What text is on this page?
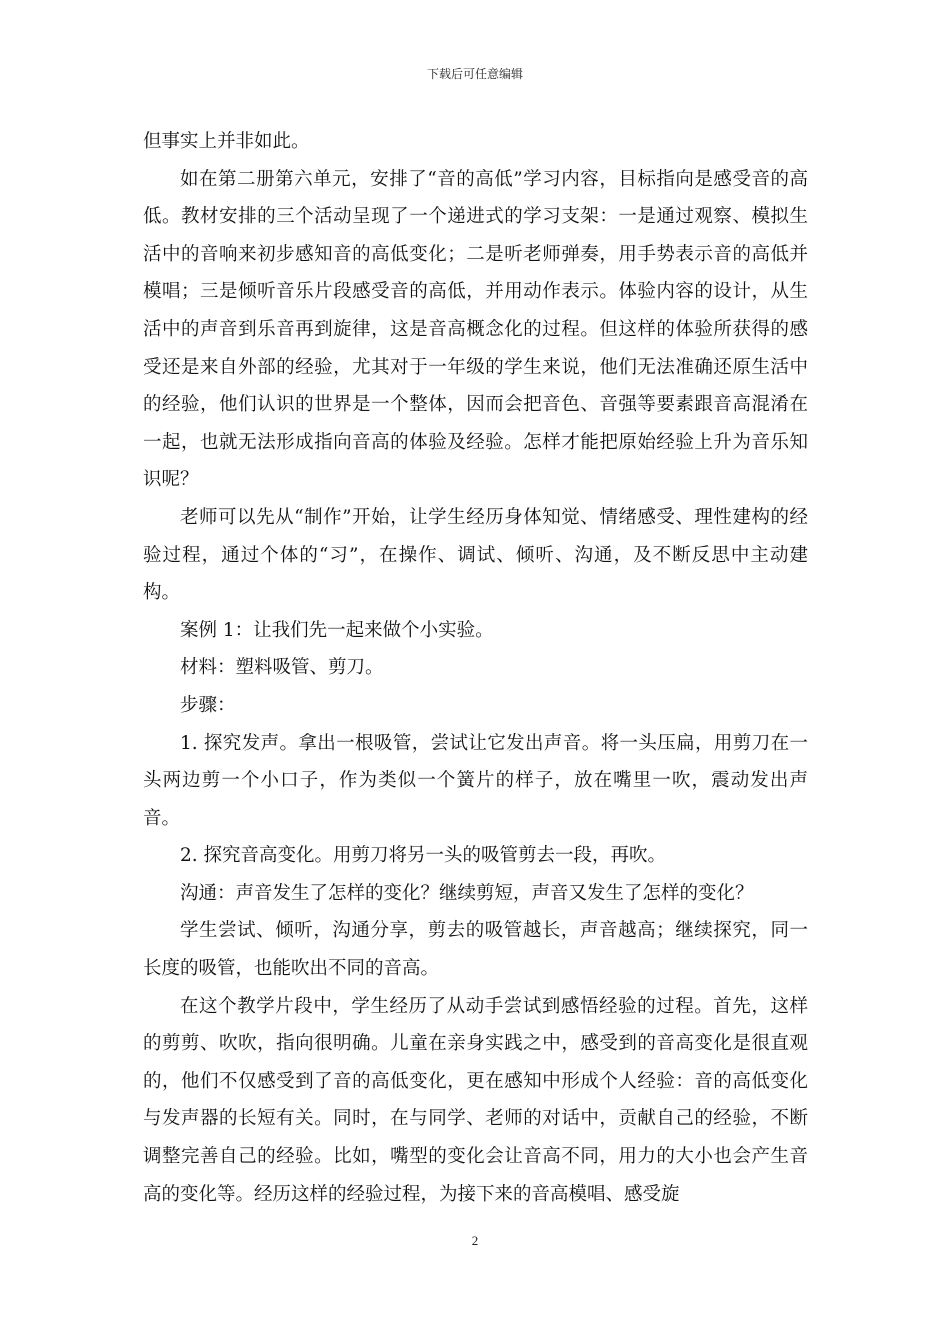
下载后可任意编辑

但事实上并非如此。

如在第二册第六单元，安排了“音的高低”学习内容，目标指向是感受音的高低。教材安排的三个活动呈现了一个递进式的学习支架：一是通过观察、模拟生活中的音响来初步感知音的高低变化；二是听老师弹奏，用手势表示音的高低并模唱；三是倾听音乐片段感受音的高低，并用动作表示。体验内容的设计，从生活中的声音到乐音再到旋律，这是音高概念化的过程。但这样的体验所获得的感受还是来自外部的经验，尤其对于一年级的学生来说，他们无法准确还原生活中的经验，他们认识的世界是一个整体，因而会把音色、音强等要素跟音高混淆在一起，也就无法形成指向音高的体验及经验。怎样才能把原始经验上升为音乐知识呢？

老师可以先从“制作”开始，让学生经历身体知觉、情绪感受、理性建构的经验过程，通过个体的“习”，在操作、调试、倾听、沟通，及不断反思中主动建构。

案例 1：让我们先一起来做个小实验。

材料：塑料吸管、剪刀。

步骤：

1. 探究发声。拿出一根吸管，尝试让它发出声音。将一头压扁，用剪刀在一头两边剪一个小口子，作为类似一个簧片的样子，放在嘴里一吹，震动发出声音。

2. 探究音高变化。用剪刀将另一头的吸管剪去一段，再吹。

沟通：声音发生了怎样的变化？继续剪短，声音又发生了怎样的变化？

学生尝试、倾听，沟通分享，剪去的吸管越长，声音越高；继续探究，同一长度的吸管，也能吹出不同的音高。

在这个教学片段中，学生经历了从动手尝试到感悟经验的过程。首先，这样的剪剪、吹吹，指向很明确。儿童在亲身实践之中，感受到的音高变化是很直观的，他们不仅感受到了音的高低变化，更在感知中形成个人经验：音的高低变化与发声器的长短有关。同时，在与同学、老师的对话中，贡献自己的经验，不断调整完善自己的经验。比如，嘴型的变化会让音高不同，用力的大小也会产生音高的变化等。经历这样的经验过程，为接下来的音高模唱、感受旋

2
